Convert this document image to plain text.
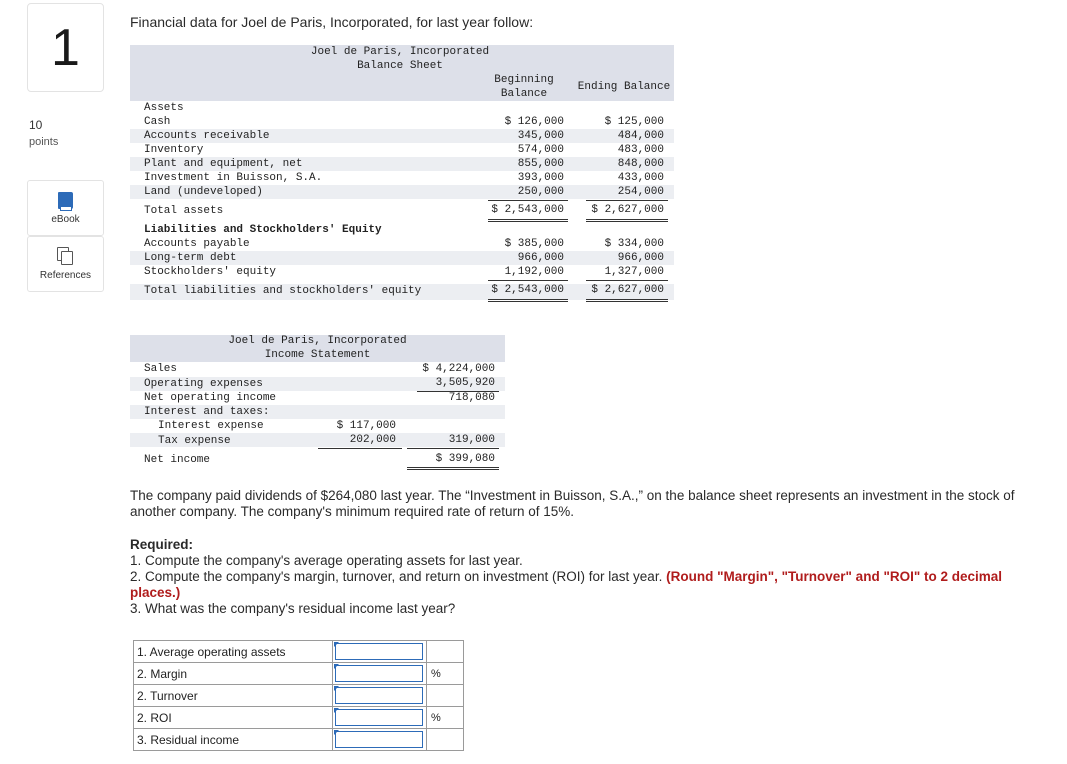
1
10
points
eBook
References
Financial data for Joel de Paris, Incorporated, for last year follow:
Joel de Paris, Incorporated
Balance Sheet
Beginning
Balance
Ending Balance
Assets
Cash	$ 126,000	$ 125,000
Accounts receivable	345,000	484,000
Inventory	574,000	483,000
Plant and equipment, net	855,000	848,000
Investment in Buisson, S.A.	393,000	433,000
Land (undeveloped)	250,000	254,000
Total assets	$ 2,543,000	$ 2,627,000
Liabilities and Stockholders' Equity
Accounts payable	$ 385,000	$ 334,000
Long-term debt	966,000	966,000
Stockholders' equity	1,192,000	1,327,000
Total liabilities and stockholders' equity	$ 2,543,000	$ 2,627,000
Joel de Paris, Incorporated
Income Statement
Sales	$ 4,224,000
Operating expenses	3,505,920
Net operating income	718,080
Interest and taxes:
Interest expense	$ 117,000
Tax expense	202,000	319,000
Net income	$ 399,080
The company paid dividends of $264,080 last year. The “Investment in Buisson, S.A.,” on the balance sheet represents an investment in the stock of another company. The company's minimum required rate of return of 15%.
Required:
1. Compute the company's average operating assets for last year.
2. Compute the company's margin, turnover, and return on investment (ROI) for last year. (Round "Margin", "Turnover" and "ROI" to 2 decimal places.)
3. What was the company's residual income last year?
1. Average operating assets	

2. Margin		%
2. Turnover	

2. ROI		%
3. Residual income	
